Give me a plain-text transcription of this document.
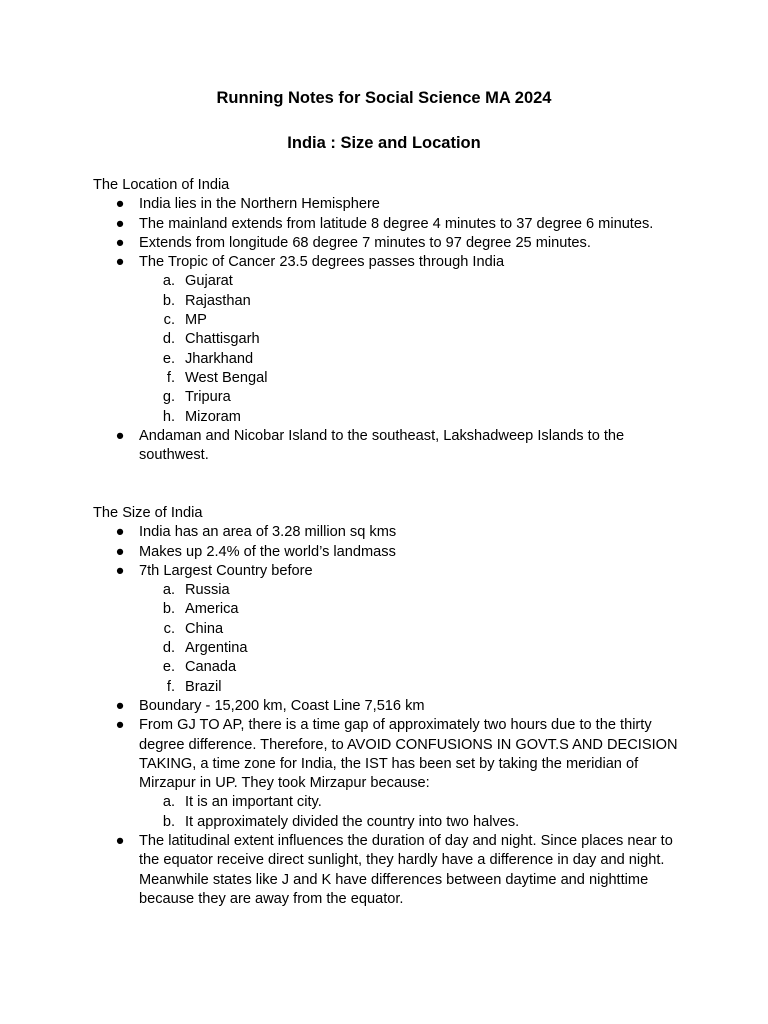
Running Notes for Social Science MA 2024
India : Size and Location

The Location of India

● India lies in the Northern Hemisphere
● The mainland extends from latitude 8 degree 4 minutes to 37 degree 6 minutes.
● Extends from longitude 68 degree 7 minutes to 97 degree 25 minutes.
● The Tropic of Cancer 23.5 degrees passes through India
a. Gujarat
b. Rajasthan
c. MP
d. Chattisgarh
e. Jharkhand
f. West Bengal
g. Tripura
h. Mizoram
● Andaman and Nicobar Island to the southeast, Lakshadweep Islands to the southwest.

The Size of India

● India has an area of 3.28 million sq kms
● Makes up 2.4% of the world’s landmass
● 7th Largest Country before
a. Russia
b. America
c. China
d. Argentina
e. Canada
f. Brazil
● Boundary - 15,200 km, Coast Line 7,516 km
● From GJ TO AP, there is a time gap of approximately two hours due to the thirty degree difference. Therefore, to AVOID CONFUSIONS IN GOVT.S AND DECISION TAKING, a time zone for India, the IST has been set by taking the meridian of Mirzapur in UP. They took Mirzapur because:
a. It is an important city.
b. It approximately divided the country into two halves.
● The latitudinal extent influences the duration of day and night. Since places near to the equator receive direct sunlight, they hardly have a difference in day and night. Meanwhile states like J and K have differences between daytime and nighttime because they are away from the equator.
